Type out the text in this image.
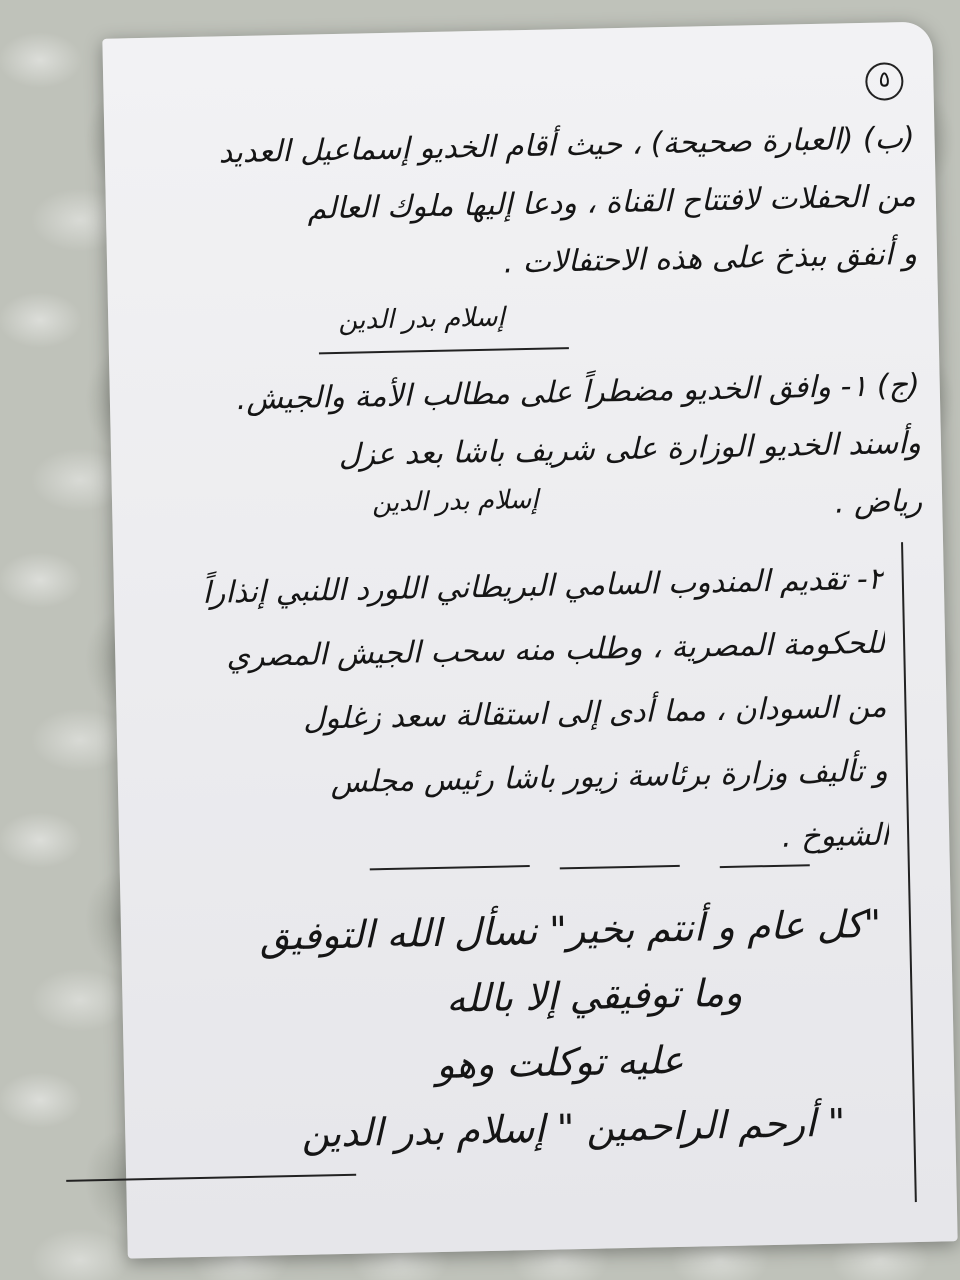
٥
(ب) (العبارة صحيحة) ، حيث أقام الخديو إسماعيل العديد
من الحفلات لافتتاح القناة ، ودعا إليها ملوك العالم
و أنفق ببذخ على هذه الاحتفالات .
إسلام بدر الدين
(ج) ١- وافق الخديو مضطراً على مطالب الأمة والجيش.
وأسند الخديو الوزارة على شريف باشا بعد عزل
رياض .
إسلام بدر الدين
٢- تقديم المندوب السامي البريطاني اللورد اللنبي إنذاراً
للحكومة المصرية ، وطلب منه سحب الجيش المصري
من السودان ، مما أدى إلى استقالة سعد زغلول
و تأليف وزارة برئاسة زيور باشا رئيس مجلس
الشيوخ .
"كل عام و أنتم بخير" نسأل الله التوفيق
وما توفيقي إلا بالله
عليه توكلت وهو
" أرحم الراحمين " إسلام بدر الدين
